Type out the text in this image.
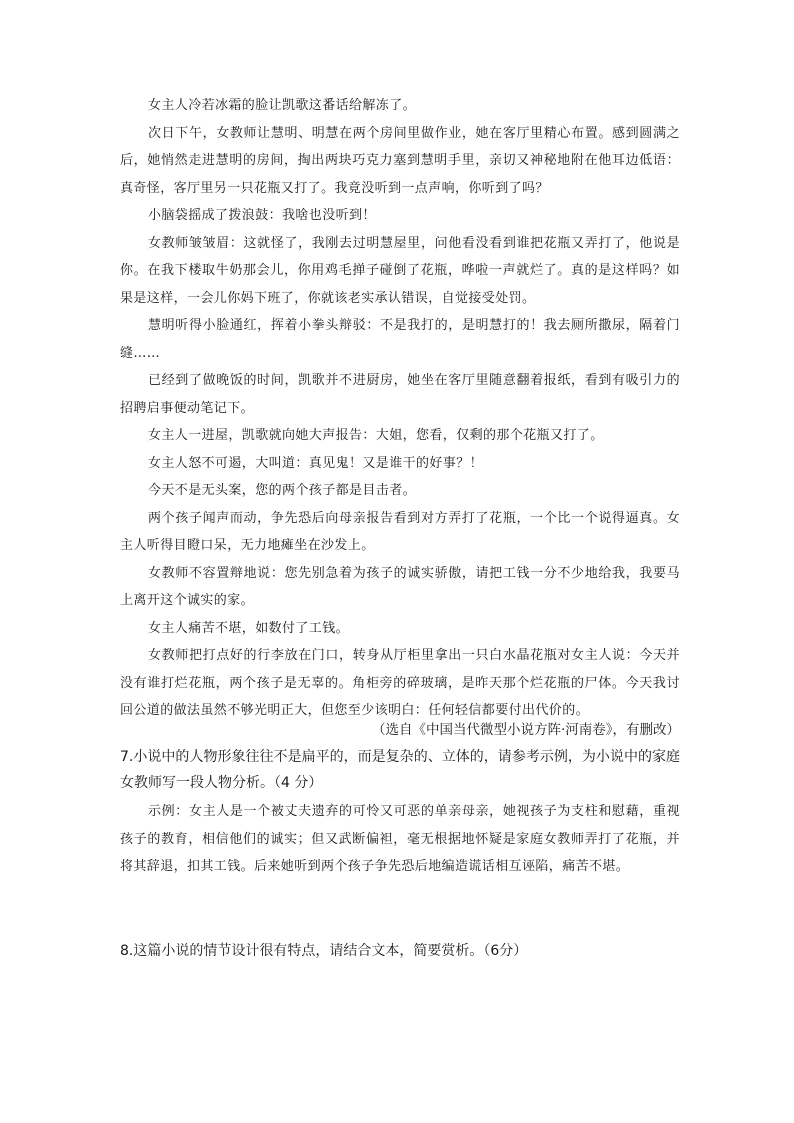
女主人冷若冰霜的脸让凯歌这番话给解冻了。

次日下午，女教师让慧明、明慧在两个房间里做作业，她在客厅里精心布置。感到圆满之后，她悄然走进慧明的房间，掏出两块巧克力塞到慧明手里，亲切又神秘地附在他耳边低语：真奇怪，客厅里另一只花瓶又打了。我竟没听到一点声响，你听到了吗？

小脑袋摇成了拨浪鼓：我啥也没听到！

女教师皱皱眉：这就怪了，我刚去过明慧屋里，问他看没看到谁把花瓶又弄打了，他说是你。在我下楼取牛奶那会儿，你用鸡毛掸子碰倒了花瓶，哗啦一声就烂了。真的是这样吗？如果是这样，一会儿你妈下班了，你就该老实承认错误，自觉接受处罚。

慧明听得小脸通红，挥着小拳头辩驳：不是我打的，是明慧打的！我去厕所撒尿，隔着门缝……

已经到了做晚饭的时间，凯歌并不进厨房，她坐在客厅里随意翻着报纸，看到有吸引力的招聘启事便动笔记下。

女主人一进屋，凯歌就向她大声报告：大姐，您看，仅剩的那个花瓶又打了。

女主人怒不可遏，大叫道：真见鬼！又是谁干的好事？！

今天不是无头案，您的两个孩子都是目击者。

两个孩子闻声而动，争先恐后向母亲报告看到对方弄打了花瓶，一个比一个说得逼真。女主人听得目瞪口呆，无力地瘫坐在沙发上。

女教师不容置辩地说：您先别急着为孩子的诚实骄傲，请把工钱一分不少地给我，我要马上离开这个诚实的家。

女主人痛苦不堪，如数付了工钱。

女教师把打点好的行李放在门口，转身从厅柜里拿出一只白水晶花瓶对女主人说：今天并没有谁打烂花瓶，两个孩子是无辜的。角柜旁的碎玻璃，是昨天那个烂花瓶的尸体。今天我讨回公道的做法虽然不够光明正大，但您至少该明白：任何轻信都要付出代价的。

（选自《中国当代微型小说方阵·河南卷》，有删改）
7.小说中的人物形象往往不是扁平的，而是复杂的、立体的，请参考示例，为小说中的家庭女教师写一段人物分析。（4 分）

示例：女主人是一个被丈夫遗弃的可怜又可恶的单亲母亲，她视孩子为支柱和慰藉，重视孩子的教育，相信他们的诚实；但又武断偏袒，毫无根据地怀疑是家庭女教师弄打了花瓶，并将其辞退，扣其工钱。后来她听到两个孩子争先恐后地编造谎话相互诬陷，痛苦不堪。

8.这篇小说的情节设计很有特点，请结合文本，简要赏析。（6分）
